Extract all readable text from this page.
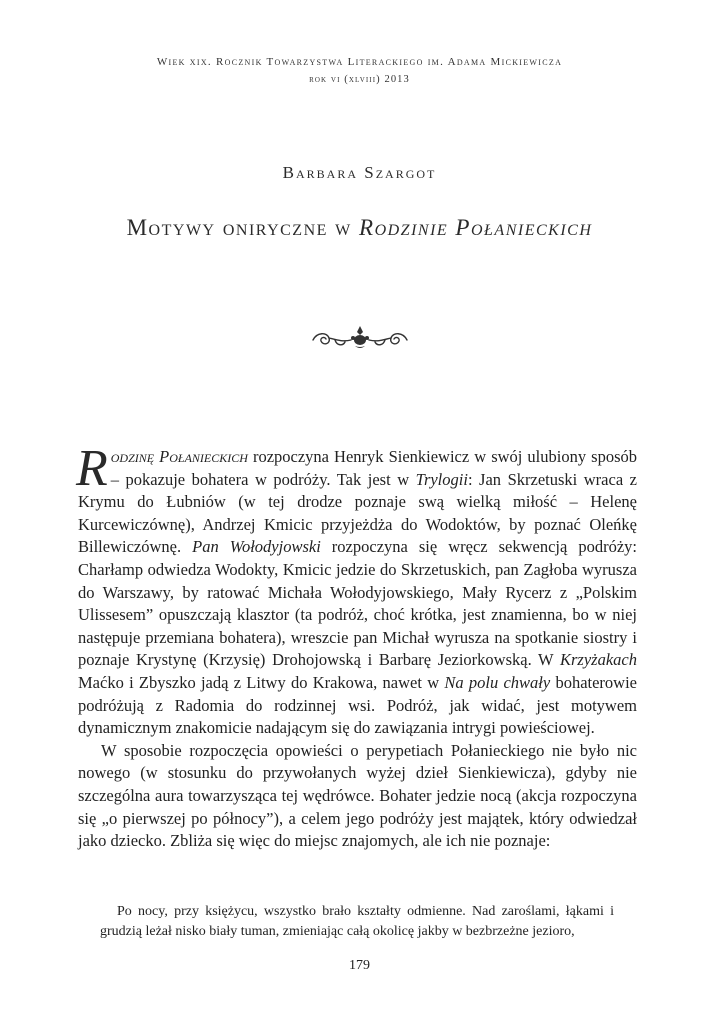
Wiek xix. Rocznik Towarzystwa Literackiego im. Adama Mickiewicza
rok vi (xlviii) 2013
Barbara Szargot
Motywy oniryczne w Rodzinie Połanieckich

Rodzinę Połanieckich rozpoczyna Henryk Sienkiewicz w swój ulubiony sposób – pokazuje bohatera w podróży. Tak jest w Trylogii: Jan Skrzetuski wraca z Krymu do Łubniów (w tej drodze poznaje swą wielką miłość – Helenę Kurcewiczównę), Andrzej Kmicic przyjeżdża do Wodoktów, by poznać Oleńkę Billewiczównę. Pan Wołodyjowski rozpoczyna się wręcz sekwencją podróży: Charłamp odwiedza Wodokty, Kmicic jedzie do Skrzetuskich, pan Zagłoba wyrusza do Warszawy, by ratować Michała Wołodyjowskiego, Mały Rycerz z „Polskim Ulissesem” opuszczają klasztor (ta podróż, choć krótka, jest znamienna, bo w niej następuje przemiana bohatera), wreszcie pan Michał wyrusza na spotkanie siostry i poznaje Krystynę (Krzysię) Drohojowską i Barbarę Jeziorkowską. W Krzyżakach Maćko i Zbyszko jadą z Litwy do Krakowa, nawet w Na polu chwały bohaterowie podróżują z Radomia do rodzinnej wsi. Podróż, jak widać, jest motywem dynamicznym znakomicie nadającym się do zawiązania intrygi powieściowej.

W sposobie rozpoczęcia opowieści o perypetiach Połanieckiego nie było nic nowego (w stosunku do przywołanych wyżej dzieł Sienkiewicza), gdyby nie szczególna aura towarzysząca tej wędrówce. Bohater jedzie nocą (akcja rozpoczyna się „o pierwszej po północy”), a celem jego podróży jest majątek, który odwiedzał jako dziecko. Zbliża się więc do miejsc znajomych, ale ich nie poznaje:

Po nocy, przy księżycu, wszystko brało kształty odmienne. Nad zaroślami, łąkami i grudzią leżał nisko biały tuman, zmieniając całą okolicę jakby w bezbrzeżne jezioro,
179
